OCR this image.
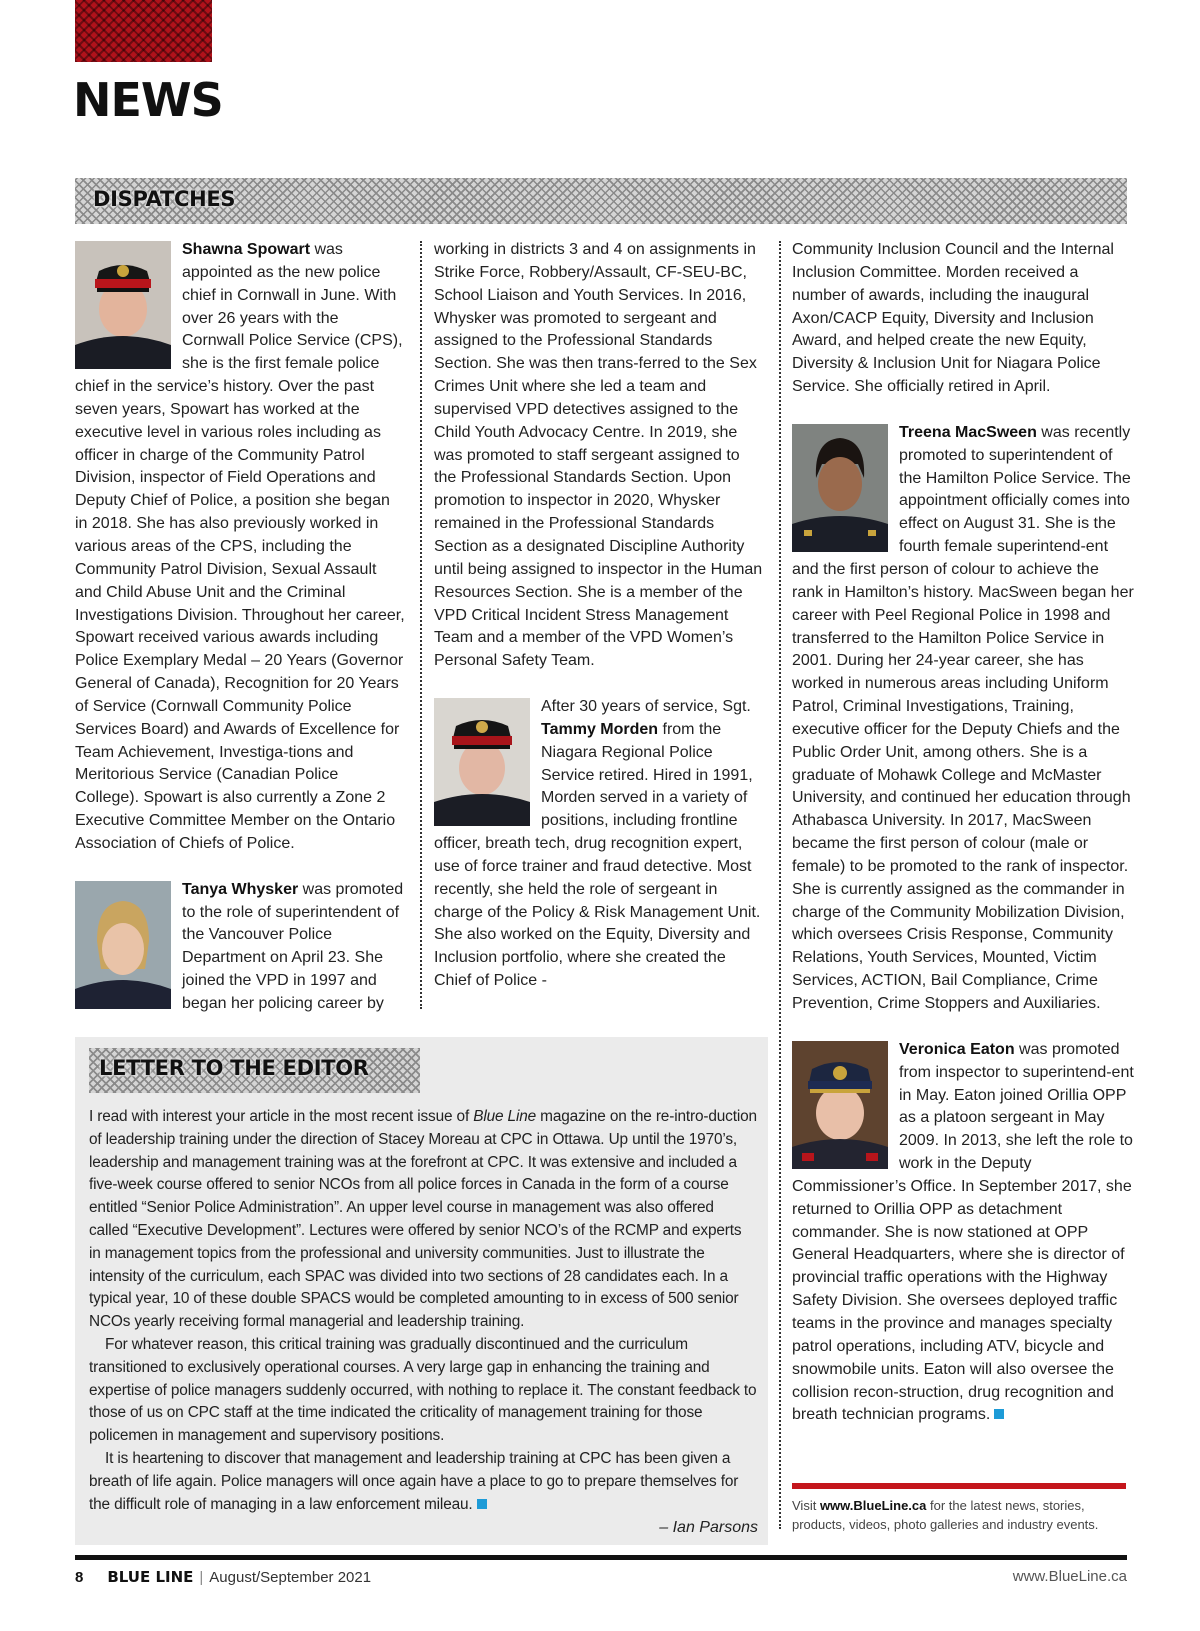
NEWS
DISPATCHES

Shawna Spowart was appointed as the new police chief in Cornwall in June. With over 26 years with the Cornwall Police Service (CPS), she is the first female police chief in the service’s history. Over the past seven years, Spowart has worked at the executive level in various roles including as officer in charge of the Community Patrol Division, inspector of Field Operations and Deputy Chief of Police, a position she began in 2018. She has also previously worked in various areas of the CPS, including the Community Patrol Division, Sexual Assault and Child Abuse Unit and the Criminal Investigations Division. Throughout her career, Spowart received various awards including Police Exemplary Medal – 20 Years (Governor General of Canada), Recognition for 20 Years of Service (Cornwall Community Police Services Board) and Awards of Excellence for Team Achievement, Investiga-tions and Meritorious Service (Canadian Police College). Spowart is also currently a Zone 2 Executive Committee Member on the Ontario Association of Chiefs of Police.

Tanya Whysker was promoted to the role of superintendent of the Vancouver Police Department on April 23. She joined the VPD in 1997 and began her policing career by

working in districts 3 and 4 on assignments in Strike Force, Robbery/Assault, CF-SEU-BC, School Liaison and Youth Services. In 2016, Whysker was promoted to sergeant and assigned to the Professional Standards Section. She was then trans-ferred to the Sex Crimes Unit where she led a team and supervised VPD detectives assigned to the Child Youth Advocacy Centre. In 2019, she was promoted to staff sergeant assigned to the Professional Standards Section. Upon promotion to inspector in 2020, Whysker remained in the Professional Standards Section as a designated Discipline Authority until being assigned to inspector in the Human Resources Section. She is a member of the VPD Critical Incident Stress Management Team and a member of the VPD Women’s Personal Safety Team.

After 30 years of service, Sgt. Tammy Morden from the Niagara Regional Police Service retired. Hired in 1991, Morden served in a variety of positions, including frontline officer, breath tech, drug recognition expert, use of force trainer and fraud detective. Most recently, she held the role of sergeant in charge of the Policy & Risk Management Unit. She also worked on the Equity, Diversity and Inclusion portfolio, where she created the Chief of Police -

Community Inclusion Council and the Internal Inclusion Committee. Morden received a number of awards, including the inaugural Axon/CACP Equity, Diversity and Inclusion Award, and helped create the new Equity, Diversity & Inclusion Unit for Niagara Police Service. She officially retired in April.

Treena MacSween was recently promoted to superintendent of the Hamilton Police Service. The appointment officially comes into effect on August 31. She is the fourth female superintend-ent and the first person of colour to achieve the rank in Hamilton’s history. MacSween began her career with Peel Regional Police in 1998 and transferred to the Hamilton Police Service in 2001. During her 24-year career, she has worked in numerous areas including Uniform Patrol, Criminal Investigations, Training, executive officer for the Deputy Chiefs and the Public Order Unit, among others. She is a graduate of Mohawk College and McMaster University, and continued her education through Athabasca University. In 2017, MacSween became the first person of colour (male or female) to be promoted to the rank of inspector. She is currently assigned as the commander in charge of the Community Mobilization Division, which oversees Crisis Response, Community Relations, Youth Services, Mounted, Victim Services, ACTION, Bail Compliance, Crime Prevention, Crime Stoppers and Auxiliaries.

Veronica Eaton was promoted from inspector to superintend-ent in May. Eaton joined Orillia OPP as a platoon sergeant in May 2009. In 2013, she left the role to work in the Deputy Commissioner’s Office. In September 2017, she returned to Orillia OPP as detachment commander. She is now stationed at OPP General Headquarters, where she is director of provincial traffic operations with the Highway Safety Division. She oversees deployed traffic teams in the province and manages specialty patrol operations, including ATV, bicycle and snowmobile units. Eaton will also oversee the collision recon-struction, drug recognition and breath technician programs.

LETTER TO THE EDITOR

I read with interest your article in the most recent issue of Blue Line magazine on the re-intro-duction of leadership training under the direction of Stacey Moreau at CPC in Ottawa. Up until the 1970’s, leadership and management training was at the forefront at CPC. It was extensive and included a five-week course offered to senior NCOs from all police forces in Canada in the form of a course entitled “Senior Police Administration”. An upper level course in management was also offered called “Executive Development”. Lectures were offered by senior NCO’s of the RCMP and experts in management topics from the professional and university communities. Just to illustrate the intensity of the curriculum, each SPAC was divided into two sections of 28 candidates each. In a typical year, 10 of these double SPACS would be completed amounting to in excess of 500 senior NCOs yearly receiving formal managerial and leadership training.

For whatever reason, this critical training was gradually discontinued and the curriculum transitioned to exclusively operational courses. A very large gap in enhancing the training and expertise of police managers suddenly occurred, with nothing to replace it. The constant feedback to those of us on CPC staff at the time indicated the criticality of management training for those policemen in management and supervisory positions.

It is heartening to discover that management and leadership training at CPC has been given a breath of life again. Police managers will once again have a place to go to prepare themselves for the difficult role of managing in a law enforcement mileau.

– Ian Parsons
Visit www.BlueLine.ca for the latest news, stories, products, videos, photo galleries and industry events.
8 BLUE LINE | August/September 2021	www.BlueLine.ca
